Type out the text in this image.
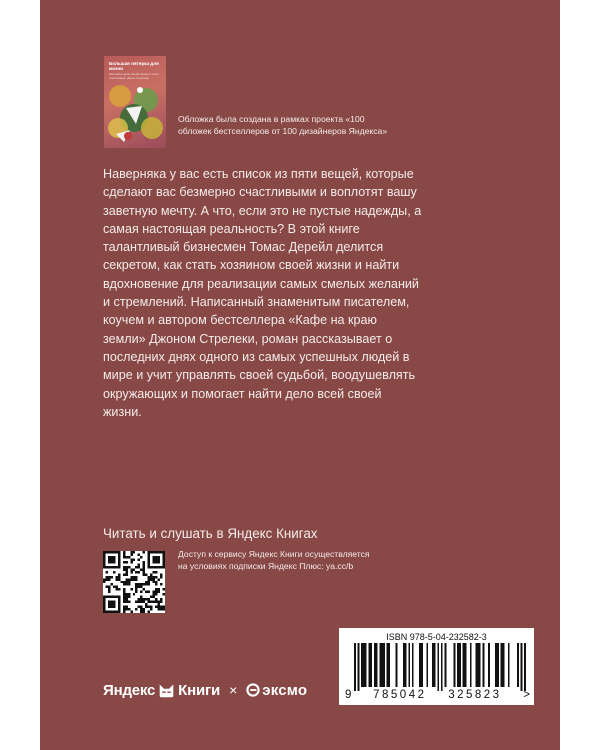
Большая пятерка для жизни
Как найти дело своей жизни и стать счастливым. Джон Стрелеки
Обложка была создана в рамках проекта «100 обложек бестселлеров от 100 дизайнеров Яндекса»
Наверняка у вас есть список из пяти вещей, которые сделают вас безмерно счастливыми и воплотят вашу заветную мечту. А что, если это не пустые надежды, а самая настоящая реальность? В этой книге талантливый бизнесмен Томас Дерейл делится секретом, как стать хозяином своей жизни и найти вдохновение для реализации самых смелых желаний и стремлений. Написанный знаменитым писателем, коучем и автором бестселлера «Кафе на краю земли» Джоном Стрелеки, роман рассказывает о последних днях одного из самых успешных людей в мире и учит управлять своей судьбой, воодушевлять окружающих и помогает найти дело всей своей жизни.
Читать и слушать в Яндекс Книгах
Доступ к сервису Яндекс Книги осуществляется на условиях подписки Яндекс Плюс: ya.cc/b
ISBN 978-5-04-232582-3
9 785042 325823 >
Яндекс Книги × эксмо
